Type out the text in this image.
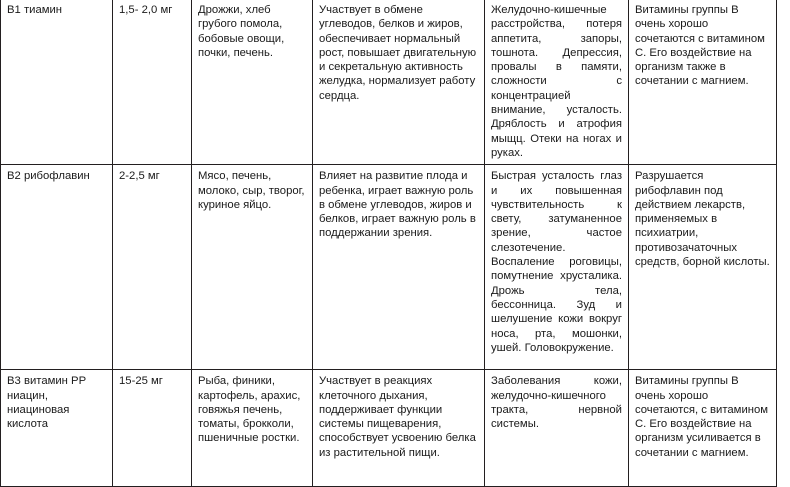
B1 тиамин	1,5- 2,0 мг	Дрожжи, хлеб грубого помола, бобовые овощи, почки, печень.	Участвует в обмене углеводов, белков и жиров, обеспечивает нормальный рост, повышает двигательную и секретальную активность желудка, нормализует работу сердца.	Желудочно-кишечные расстройства, потеря аппетита, запоры, тошнота. Депрессия, провалы в памяти, сложности с концентрацией внимание, усталость. Дряблость и атрофия мыщц. Отеки на ногах и руках.	Витамины группы В очень хорошо сочетаются с витамином С. Его воздействие на организм также в сочетании с магнием.

В2 рибофлавин	2-2,5 мг	Мясо, печень, молоко, сыр, творог, куриное яйцо.	Влияет на развитие плода и ребенка, играет важную роль в обмене углеводов, жиров и белков, играет важную роль в поддержании зрения.	Быстрая усталость глаз и их повышенная чувствительность к свету, затуманенное зрение, частое слезотечение. Воспаление роговицы, помутнение хрусталика. Дрожь тела, бессонница. Зуд и шелушение кожи вокруг носа, рта, мошонки, ушей. Головокружение.	Разрушается рибофлавин под действием лекарств, применяемых в психиатрии, противозачаточных средств, борной кислоты.

В3 витамин РР ниацин, ниациновая кислота	15-25 мг	Рыба, финики, картофель, арахис, говяжья печень, томаты, брокколи, пшеничные ростки.	Участвует в реакциях клеточного дыхания, поддерживает функции системы пищеварения, способствует усвоению белка из растительной пищи.	Заболевания кожи, желудочно-кишечного тракта, нервной системы.	Витамины группы В очень хорошо сочетаются, с витамином С. Его воздействие на организм усиливается в сочетании с магнием.
